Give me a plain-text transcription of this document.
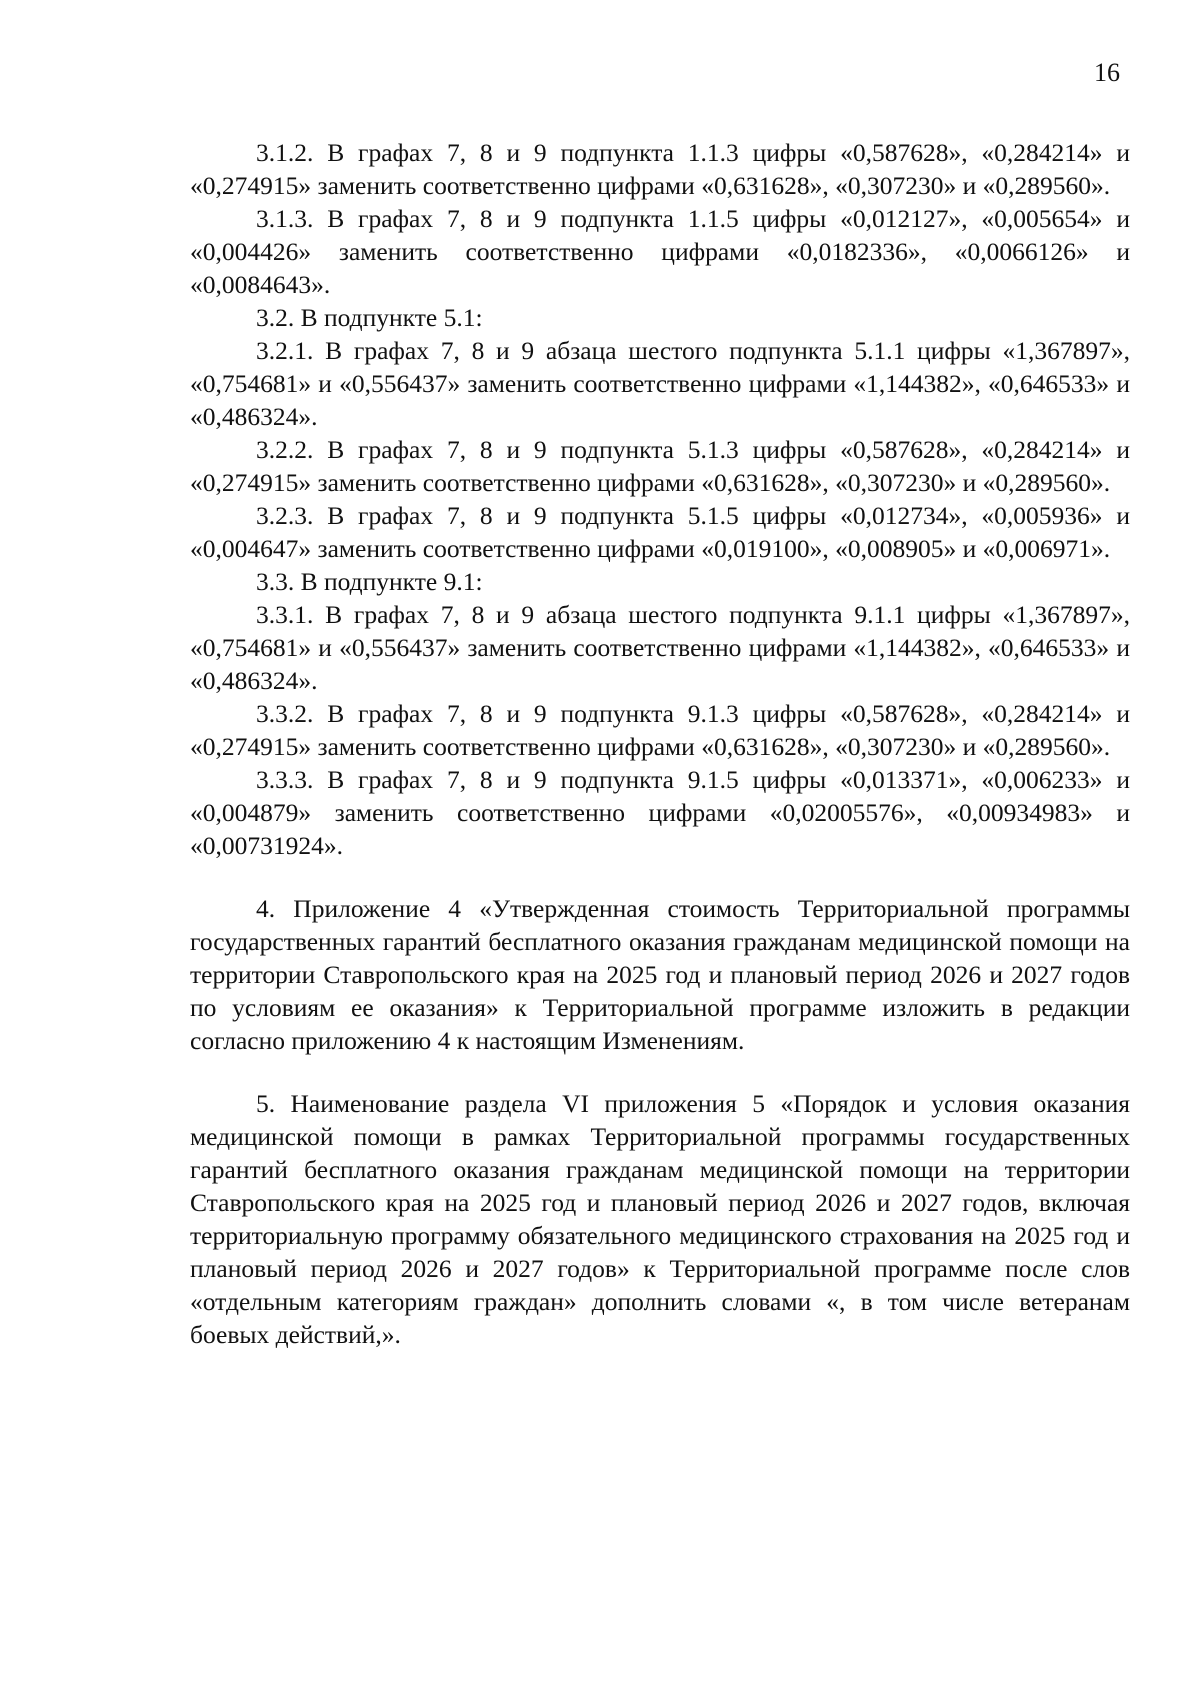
16

3.1.2. В графах 7, 8 и 9 подпункта 1.1.3 цифры «0,587628», «0,284214» и «0,274915» заменить соответственно цифрами «0,631628», «0,307230» и «0,289560».

3.1.3. В графах 7, 8 и 9 подпункта 1.1.5 цифры «0,012127», «0,005654» и «0,004426» заменить соответственно цифрами «0,0182336», «0,0066126» и «0,0084643».

3.2. В подпункте 5.1:

3.2.1. В графах 7, 8 и 9 абзаца шестого подпункта 5.1.1 цифры «1,367897», «0,754681» и «0,556437» заменить соответственно цифрами «1,144382», «0,646533» и «0,486324».

3.2.2. В графах 7, 8 и 9 подпункта 5.1.3 цифры «0,587628», «0,284214» и «0,274915» заменить соответственно цифрами «0,631628», «0,307230» и «0,289560».

3.2.3. В графах 7, 8 и 9 подпункта 5.1.5 цифры «0,012734», «0,005936» и «0,004647» заменить соответственно цифрами «0,019100», «0,008905» и «0,006971».

3.3. В подпункте 9.1:

3.3.1. В графах 7, 8 и 9 абзаца шестого подпункта 9.1.1 цифры «1,367897», «0,754681» и «0,556437» заменить соответственно цифрами «1,144382», «0,646533» и «0,486324».

3.3.2. В графах 7, 8 и 9 подпункта 9.1.3 цифры «0,587628», «0,284214» и «0,274915» заменить соответственно цифрами «0,631628», «0,307230» и «0,289560».

3.3.3. В графах 7, 8 и 9 подпункта 9.1.5 цифры «0,013371», «0,006233» и «0,004879» заменить соответственно цифрами «0,02005576», «0,00934983» и «0,00731924».

4. Приложение 4 «Утвержденная стоимость Территориальной программы государственных гарантий бесплатного оказания гражданам медицинской помощи на территории Ставропольского края на 2025 год и плановый период 2026 и 2027 годов по условиям ее оказания» к Территориальной программе изложить в редакции согласно приложению 4 к настоящим Изменениям.

5. Наименование раздела VI приложения 5 «Порядок и условия оказания медицинской помощи в рамках Территориальной программы государственных гарантий бесплатного оказания гражданам медицинской помощи на территории Ставропольского края на 2025 год и плановый период 2026 и 2027 годов, включая территориальную программу обязательного медицинского страхования на 2025 год и плановый период 2026 и 2027 годов» к Территориальной программе после слов «отдельным категориям граждан» дополнить словами «, в том числе ветеранам боевых действий,».
